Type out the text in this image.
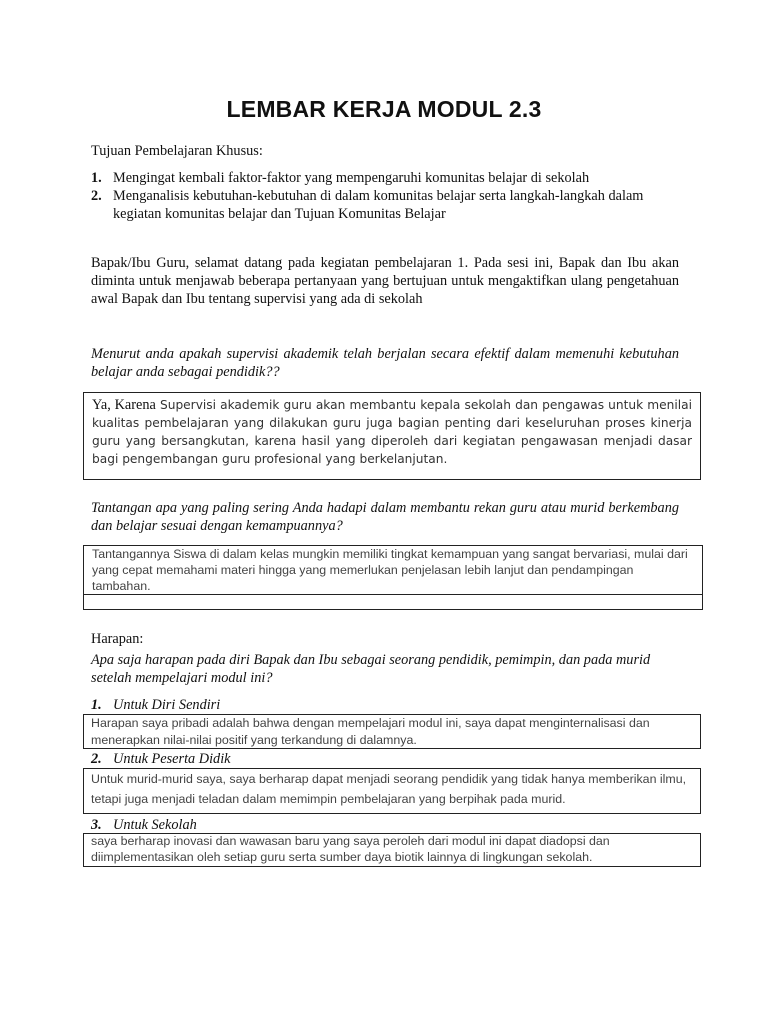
LEMBAR KERJA MODUL 2.3
Tujuan Pembelajaran Khusus:
1. Mengingat kembali faktor-faktor yang mempengaruhi komunitas belajar di sekolah
2. Menganalisis kebutuhan-kebutuhan di dalam komunitas belajar serta langkah-langkah dalam kegiatan komunitas belajar dan Tujuan Komunitas Belajar
Bapak/Ibu Guru, selamat datang pada kegiatan pembelajaran 1. Pada sesi ini, Bapak dan Ibu akan diminta untuk menjawab beberapa pertanyaan yang bertujuan untuk mengaktifkan ulang pengetahuan awal Bapak dan Ibu tentang supervisi yang ada di sekolah
Menurut anda apakah supervisi akademik telah berjalan secara efektif dalam memenuhi kebutuhan belajar anda sebagai pendidik??
Ya, Karena Supervisi akademik guru akan membantu kepala sekolah dan pengawas untuk menilai kualitas pembelajaran yang dilakukan guru juga bagian penting dari keseluruhan proses kinerja guru yang bersangkutan, karena hasil yang diperoleh dari kegiatan pengawasan menjadi dasar bagi pengembangan guru profesional yang berkelanjutan.
Tantangan apa yang paling sering Anda hadapi dalam membantu rekan guru atau murid berkembang dan belajar sesuai dengan kemampuannya?
Tantangannya Siswa di dalam kelas mungkin memiliki tingkat kemampuan yang sangat bervariasi, mulai dari yang cepat memahami materi hingga yang memerlukan penjelasan lebih lanjut dan pendampingan tambahan.
Harapan:
Apa saja harapan pada diri Bapak dan Ibu sebagai seorang pendidik, pemimpin, dan pada murid setelah mempelajari modul ini?
1. Untuk Diri Sendiri
Harapan saya pribadi adalah bahwa dengan mempelajari modul ini, saya dapat menginternalisasi dan menerapkan nilai-nilai positif yang terkandung di dalamnya.
2. Untuk Peserta Didik
Untuk murid-murid saya, saya berharap dapat menjadi seorang pendidik yang tidak hanya memberikan ilmu, tetapi juga menjadi teladan dalam memimpin pembelajaran yang berpihak pada murid.
3. Untuk Sekolah
saya berharap inovasi dan wawasan baru yang saya peroleh dari modul ini dapat diadopsi dan diimplementasikan oleh setiap guru serta sumber daya biotik lainnya di lingkungan sekolah.
